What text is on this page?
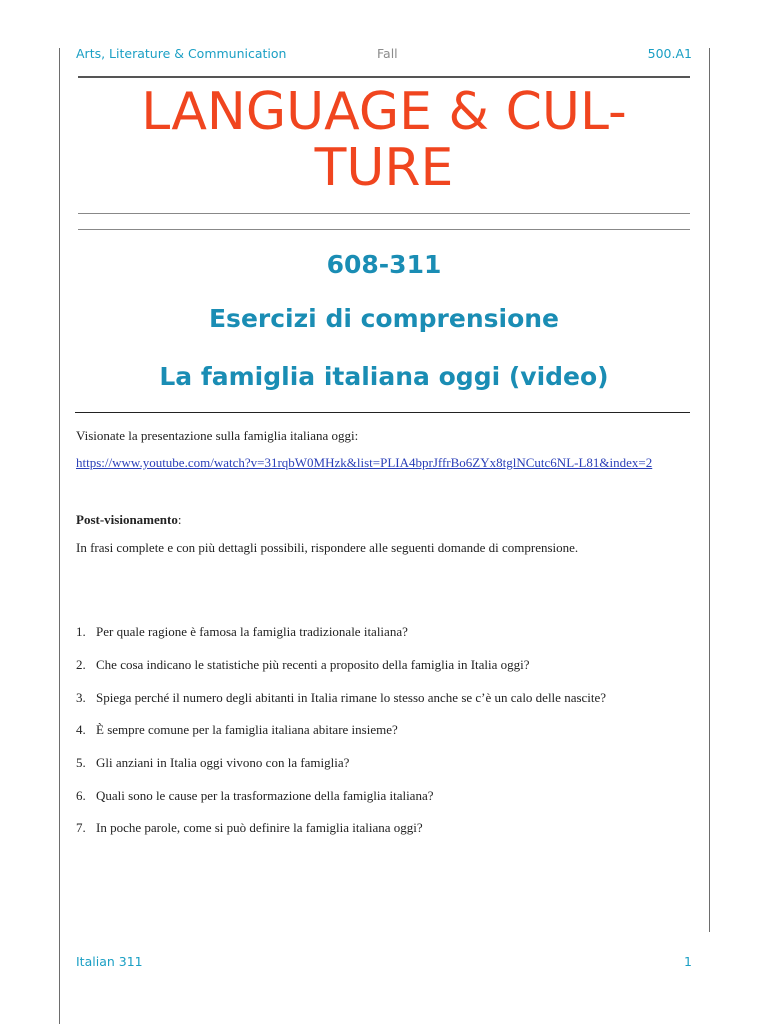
Arts, Literature & Communication	Fall	500.A1
LANGUAGE & CUL-
TURE
608-311
Esercizi di comprensione
La famiglia italiana oggi (video)
Visionate la presentazione sulla famiglia italiana oggi:
https://www.youtube.com/watch?v=31rqbW0MHzk&list=PLIA4bprJffrBo6ZYx8tglNCutc6NL-L81&index=2
Post-visionamento:
In frasi complete e con più dettagli possibili, rispondere alle seguenti domande di comprensione.
1. Per quale ragione è famosa la famiglia tradizionale italiana?
2. Che cosa indicano le statistiche più recenti a proposito della famiglia in Italia oggi?
3. Spiega perché il numero degli abitanti in Italia rimane lo stesso anche se c’è un calo delle nascite?
4. È sempre comune per la famiglia italiana abitare insieme?
5. Gli anziani in Italia oggi vivono con la famiglia?
6. Quali sono le cause per la trasformazione della famiglia italiana?
7. In poche parole, come si può definire la famiglia italiana oggi?
Italian 311	1
